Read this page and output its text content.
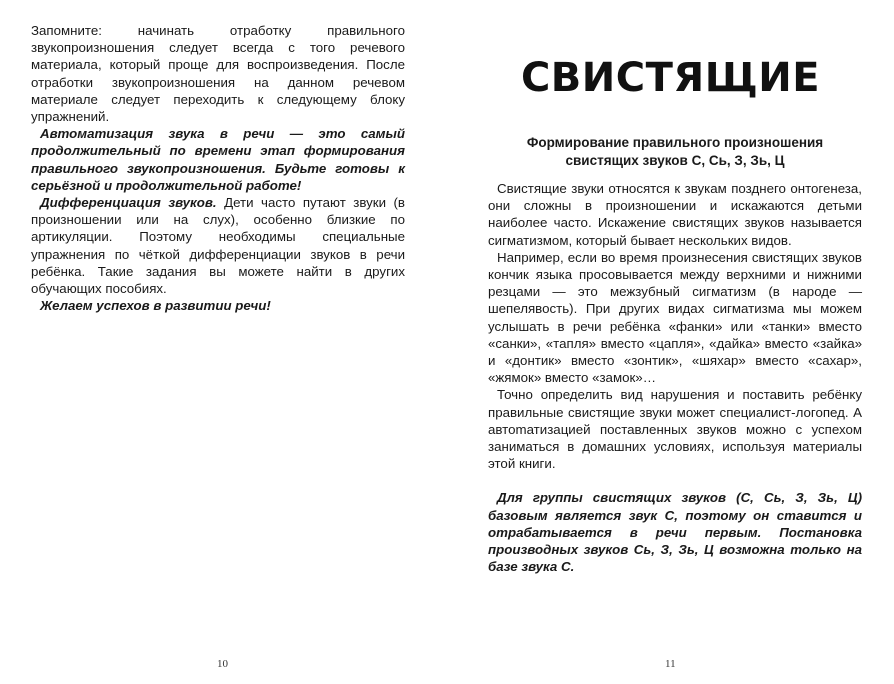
Запомните: начинать отработку правильного звукопроизношения следует всегда с того речевого материала, который проще для воспроизведения. После отработки звукопроизношения на данном речевом материале следует переходить к следующему блоку упражнений.

Автоматизация звука в речи — это самый продолжительный по времени этап формирования правильного звукопроизношения. Будьте готовы к серьёзной и продолжительной работе!

Дифференциация звуков. Дети часто путают звуки (в произношении или на слух), особенно близкие по артикуляции. Поэтому необходимы специальные упражнения по чёткой дифференциации звуков в речи ребёнка. Такие задания вы можете найти в других обучающих пособиях.

Желаем успехов в развитии речи!

10
СВИСТЯЩИЕ
Формирование правильного произношения
свистящих звуков С, Сь, З, Зь, Ц

Свистящие звуки относятся к звукам позднего онтогенеза, они сложны в произношении и искажаются детьми наиболее часто. Искажение свистящих звуков называется сигматизмом, который бывает нескольких видов.

Например, если во время произнесения свистящих звуков кончик языка просовывается между верхними и нижними резцами — это межзубный сигматизм (в народе — шепелявость). При других видах сигматизма мы можем услышать в речи ребёнка «фанки» или «танки» вместо «санки», «тапля» вместо «цапля», «дайка» вместо «зайка» и «донтик» вместо «зонтик», «шяхар» вместо «сахар», «жямок» вместо «замок»…

Точно определить вид нарушения и поставить ребёнку правильные свистящие звуки может специалист-логопед. А автоmатизацией поставленных звуков можно с успехом заниматься в домашних условиях, используя материалы этой книги.

Для группы свистящих звуков (С, Сь, З, Зь, Ц) базовым является звук С, поэтому он ставится и отрабатывается в речи первым. Постановка производных звуков Сь, З, Зь, Ц возможна только на базе звука С.

11
